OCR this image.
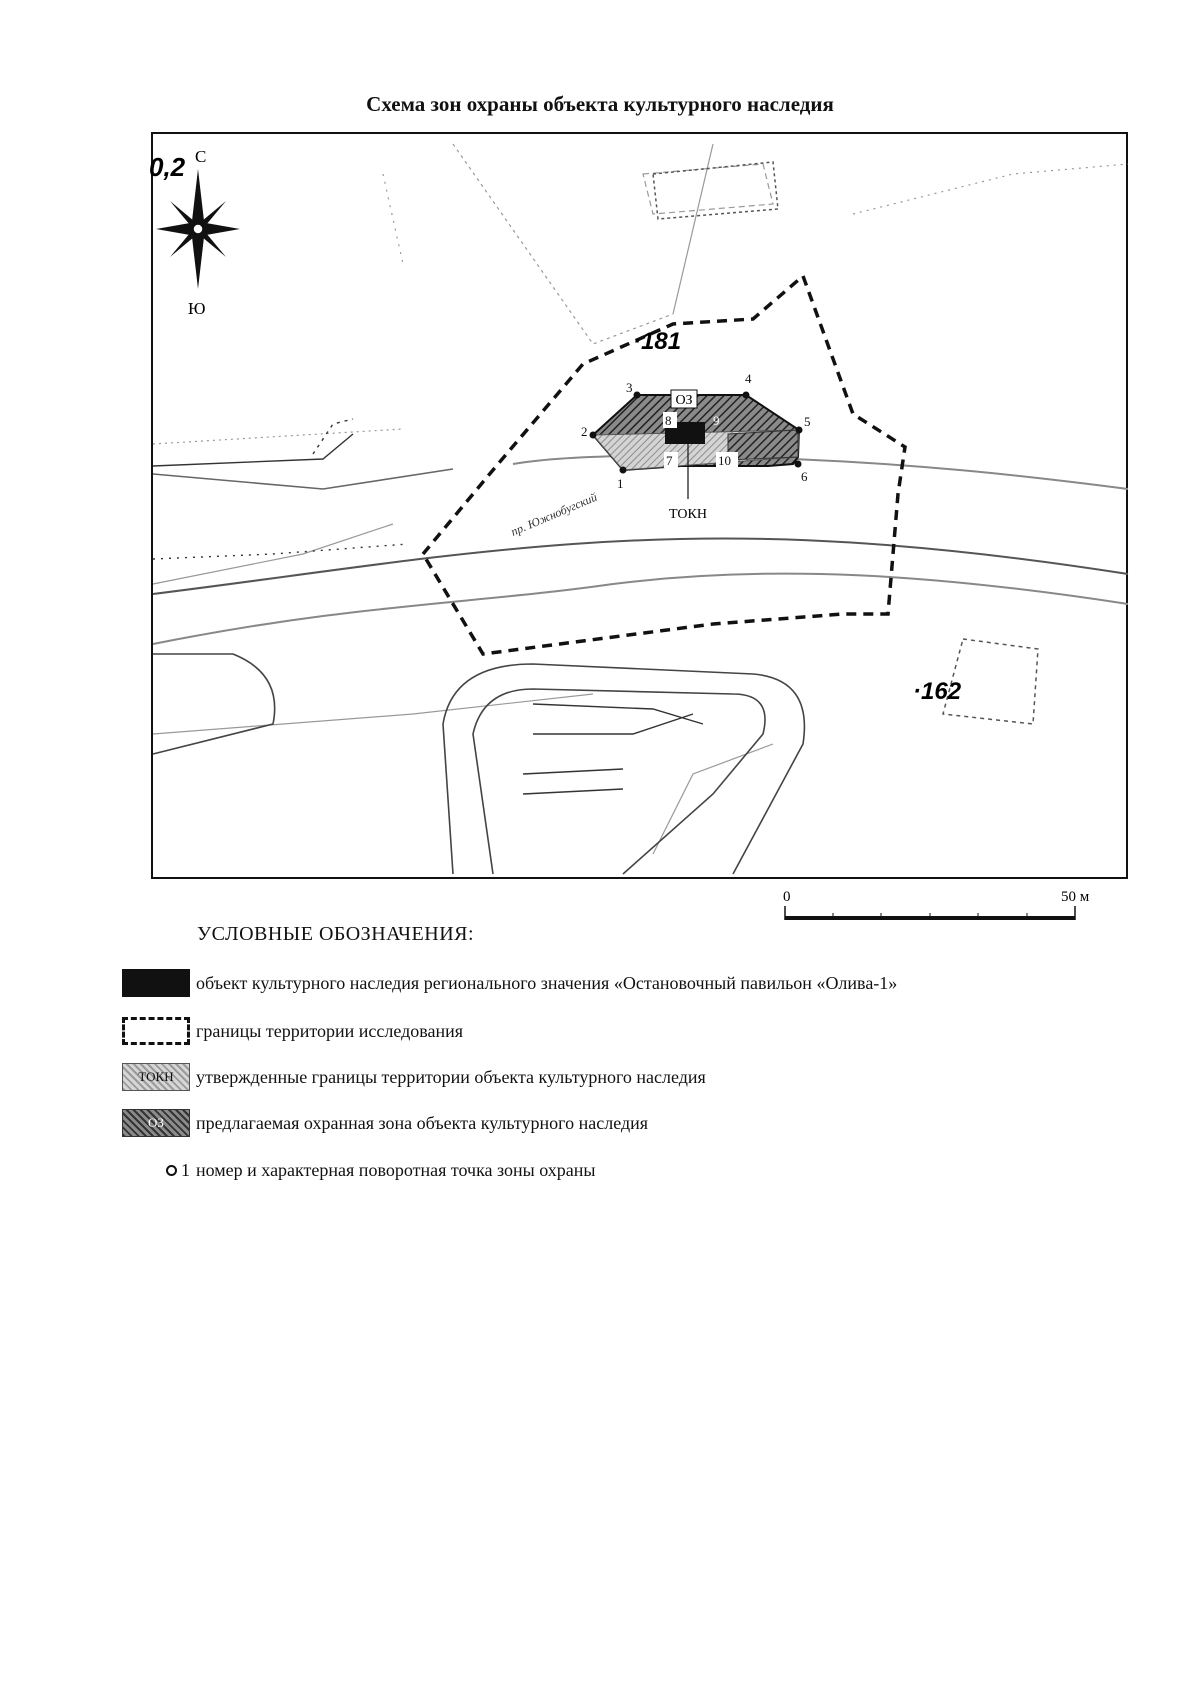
Схема зон охраны объекта культурного наследия
ОЗ
1
2
3
4
5
6
7
8	9
10
ТОКН
пр. Южнобугский
·181
·162
0,2 С
Ю
0	50 м
УСЛОВНЫЕ ОБОЗНАЧЕНИЯ:
объект культурного наследия регионального значения «Остановочный павильон «Олива-1»
границы территории исследования
ТОКН	утвержденные границы территории объекта культурного наследия
ОЗ	предлагаемая охранная зона объекта культурного наследия
1 номер и характерная поворотная точка зоны охраны
